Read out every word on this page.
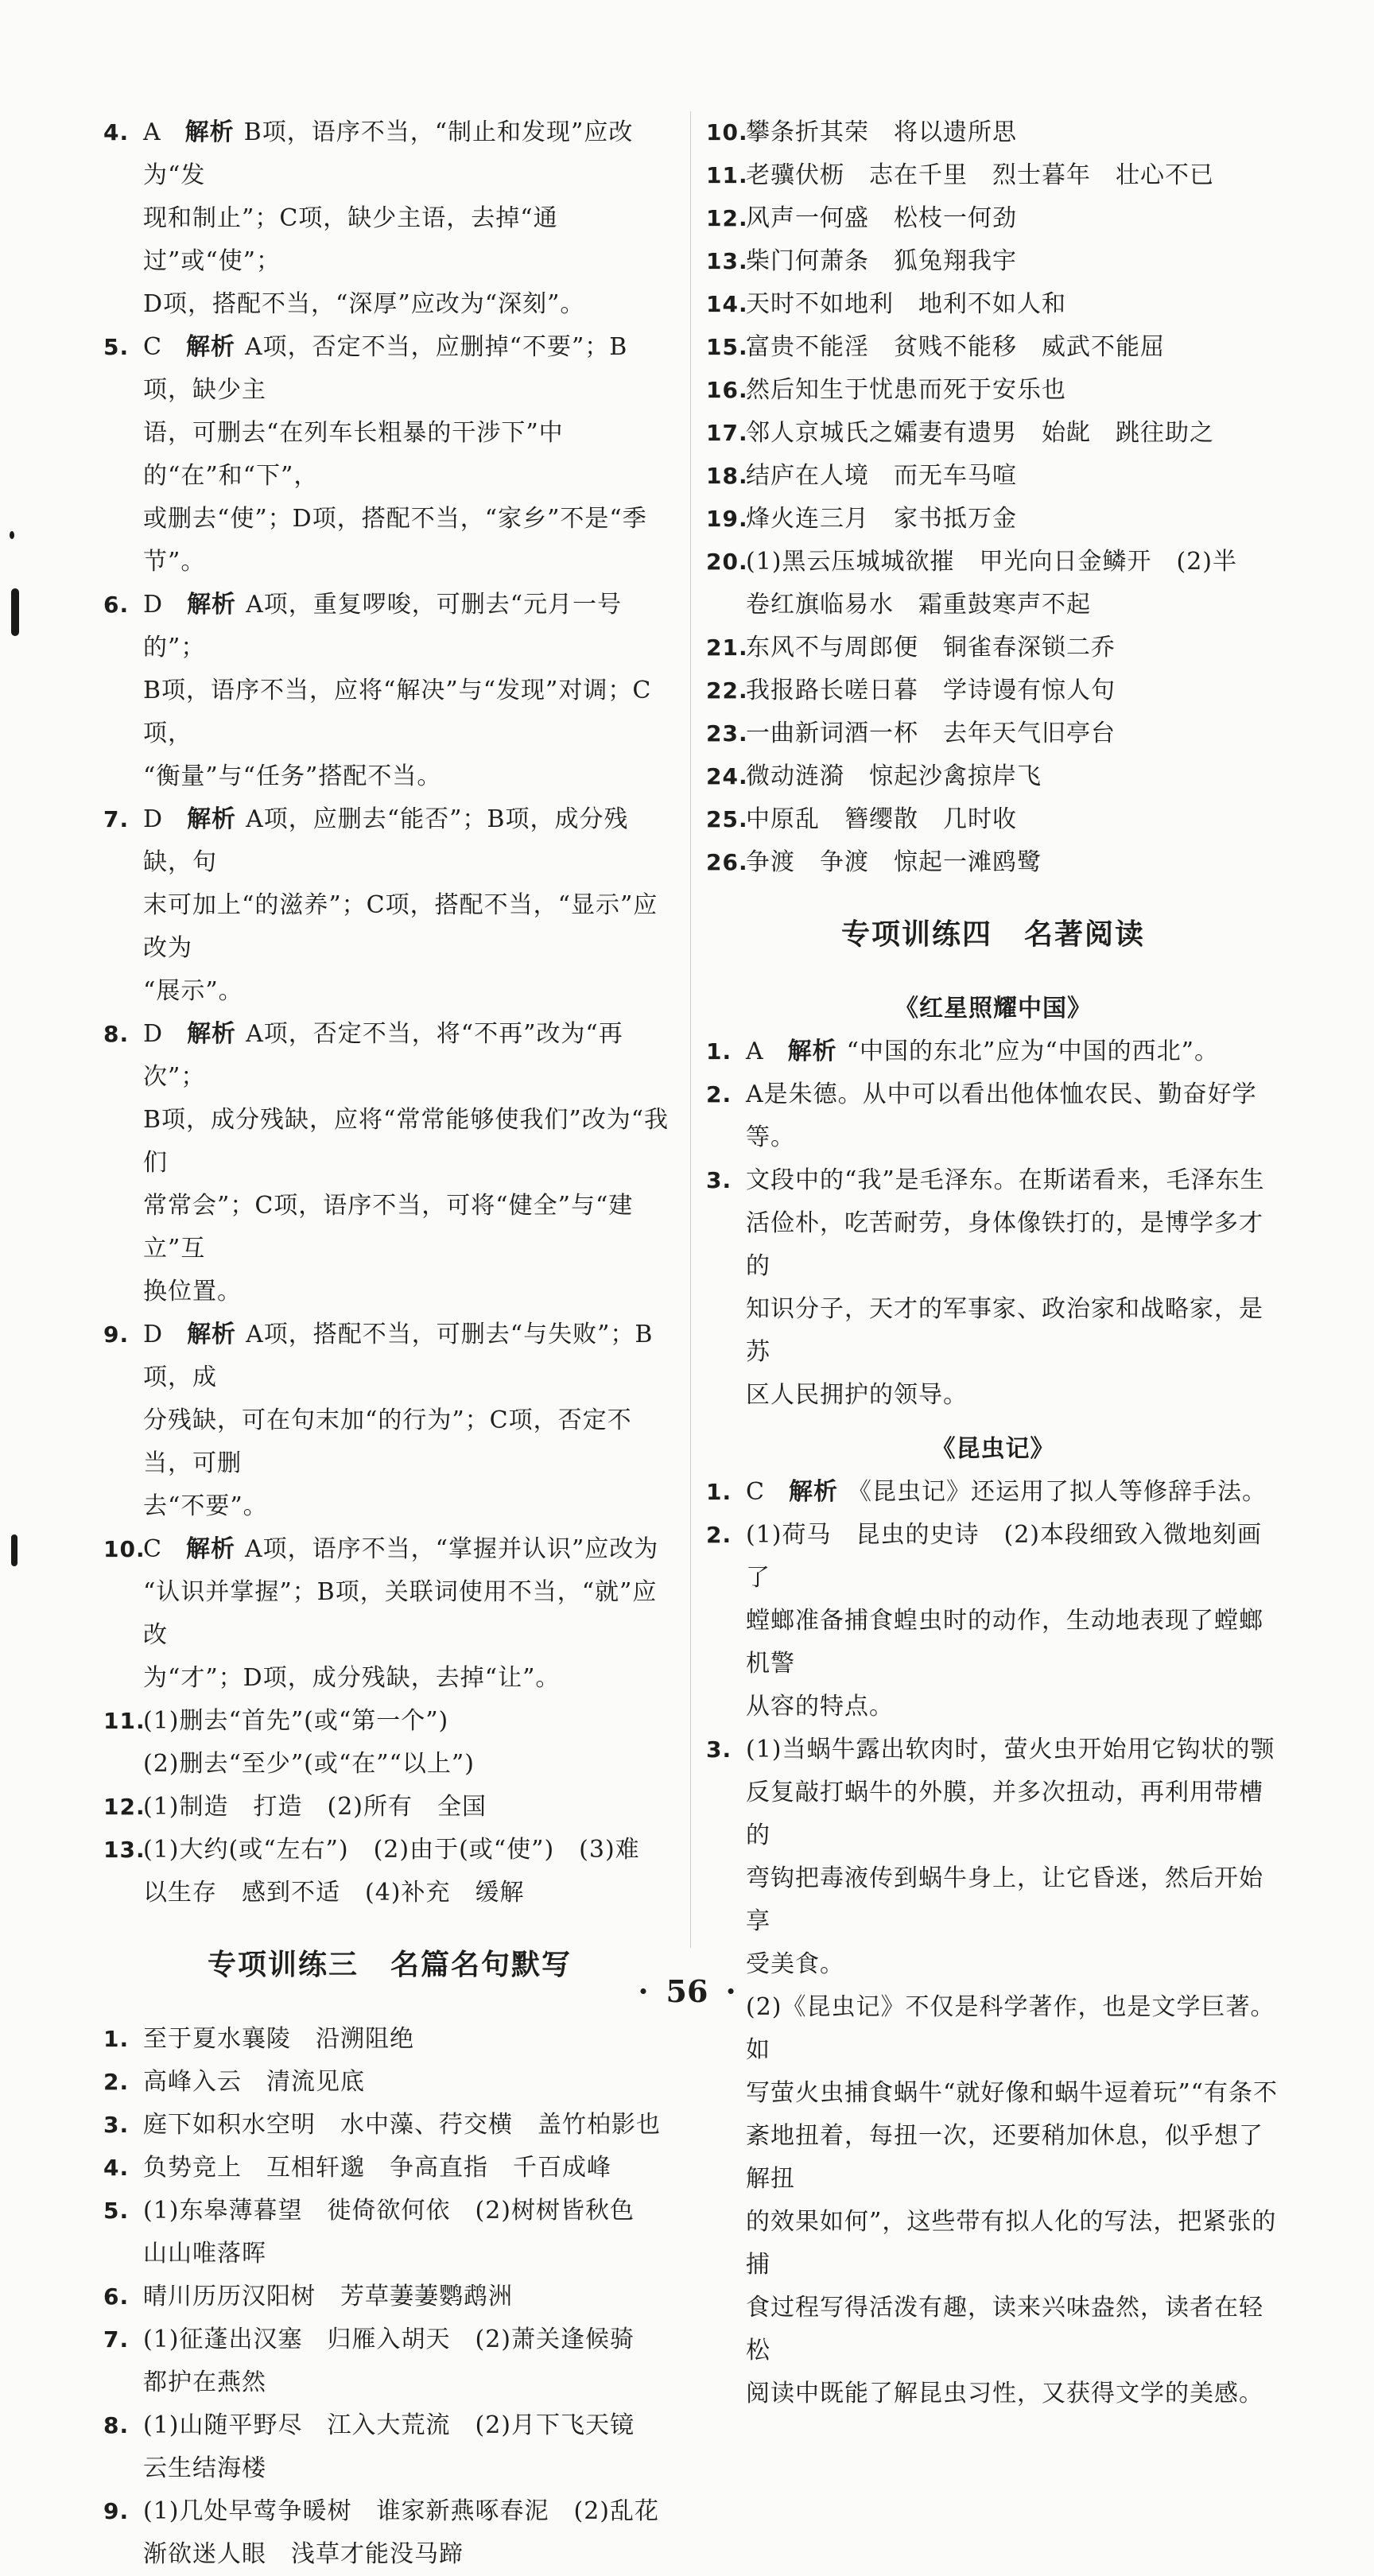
4. A 解析 B项，语序不当，“制止和发现”应改为“发
现和制止”；C项，缺少主语，去掉“通过”或“使”；
D项，搭配不当，“深厚”应改为“深刻”。
5. C 解析 A项，否定不当，应删掉“不要”；B项，缺少主
语，可删去“在列车长粗暴的干涉下”中的“在”和“下”，
或删去“使”；D项，搭配不当，“家乡”不是“季节”。
6. D 解析 A项，重复啰唆，可删去“元月一号的”；
B项，语序不当，应将“解决”与“发现”对调；C项，
“衡量”与“任务”搭配不当。
7. D 解析 A项，应删去“能否”；B项，成分残缺，句
末可加上“的滋养”；C项，搭配不当，“显示”应改为
“展示”。
8. D 解析 A项，否定不当，将“不再”改为“再次”；
B项，成分残缺，应将“常常能够使我们”改为“我们
常常会”；C项，语序不当，可将“健全”与“建立”互
换位置。
9. D 解析 A项，搭配不当，可删去“与失败”；B项，成
分残缺，可在句末加“的行为”；C项，否定不当，可删
去“不要”。
10.
C 解析 A项，语序不当，“掌握并认识”应改为
“认识并掌握”；B项，关联词使用不当，“就”应改
为“才”；D项，成分残缺，去掉“让”。
11.
(1)删去“首先”(或“第一个”)
(2)删去“至少”(或“在”“以上”)
12.
(1)制造　打造　(2)所有　全国
13.
(1)大约(或“左右”)　(2)由于(或“使”)　(3)难
以生存　感到不适　(4)补充　缓解
专项训练三 名篇名句默写
1. 至于夏水襄陵　沿溯阻绝
2. 高峰入云　清流见底
3. 庭下如积水空明　水中藻、荇交横　盖竹柏影也
4. 负势竞上　互相轩邈　争高直指　千百成峰
5. (1)东皋薄暮望　徙倚欲何依　(2)树树皆秋色
山山唯落晖
6. 晴川历历汉阳树　芳草萋萋鹦鹉洲
7. (1)征蓬出汉塞　归雁入胡天　(2)萧关逢候骑
都护在燕然
8. (1)山随平野尽　江入大荒流　(2)月下飞天镜
云生结海楼
9. (1)几处早莺争暖树　谁家新燕啄春泥　(2)乱花
渐欲迷人眼　浅草才能没马蹄
10.
攀条折其荣　将以遗所思
11.
老骥伏枥　志在千里　烈士暮年　壮心不已
12.
风声一何盛　松枝一何劲
13.
柴门何萧条　狐兔翔我宇
14.
天时不如地利　地利不如人和
15.
富贵不能淫　贫贱不能移　威武不能屈
16.
然后知生于忧患而死于安乐也
17.
邻人京城氏之孀妻有遗男　始龀　跳往助之
18.
结庐在人境　而无车马喧
19.
烽火连三月　家书抵万金
20.
(1)黑云压城城欲摧　甲光向日金鳞开　(2)半
卷红旗临易水　霜重鼓寒声不起
21.
东风不与周郎便　铜雀春深锁二乔
22.
我报路长嗟日暮　学诗谩有惊人句
23.
一曲新词酒一杯　去年天气旧亭台
24.
微动涟漪　惊起沙禽掠岸飞
25.
中原乱　簪缨散　几时收
26.
争渡　争渡　惊起一滩鸥鹭
专项训练四 名著阅读
《红星照耀中国》
1. A 解析 “中国的东北”应为“中国的西北”。
2. A是朱德。从中可以看出他体恤农民、勤奋好学等。
3. 文段中的“我”是毛泽东。在斯诺看来，毛泽东生
活俭朴，吃苦耐劳，身体像铁打的，是博学多才的
知识分子，天才的军事家、政治家和战略家，是苏
区人民拥护的领导。
《昆虫记》
1. C 解析 《昆虫记》还运用了拟人等修辞手法。
2. (1)荷马　昆虫的史诗　(2)本段细致入微地刻画了
螳螂准备捕食蝗虫时的动作，生动地表现了螳螂机警
从容的特点。
3. (1)当蜗牛露出软肉时，萤火虫开始用它钩状的颚
反复敲打蜗牛的外膜，并多次扭动，再利用带槽的
弯钩把毒液传到蜗牛身上，让它昏迷，然后开始享
受美食。
(2)《昆虫记》不仅是科学著作，也是文学巨著。如
写萤火虫捕食蜗牛“就好像和蜗牛逗着玩”“有条不
紊地扭着，每扭一次，还要稍加休息，似乎想了解扭
的效果如何”，这些带有拟人化的写法，把紧张的捕
食过程写得活泼有趣，读来兴味盎然，读者在轻松
阅读中既能了解昆虫习性，又获得文学的美感。
· 56 ·
